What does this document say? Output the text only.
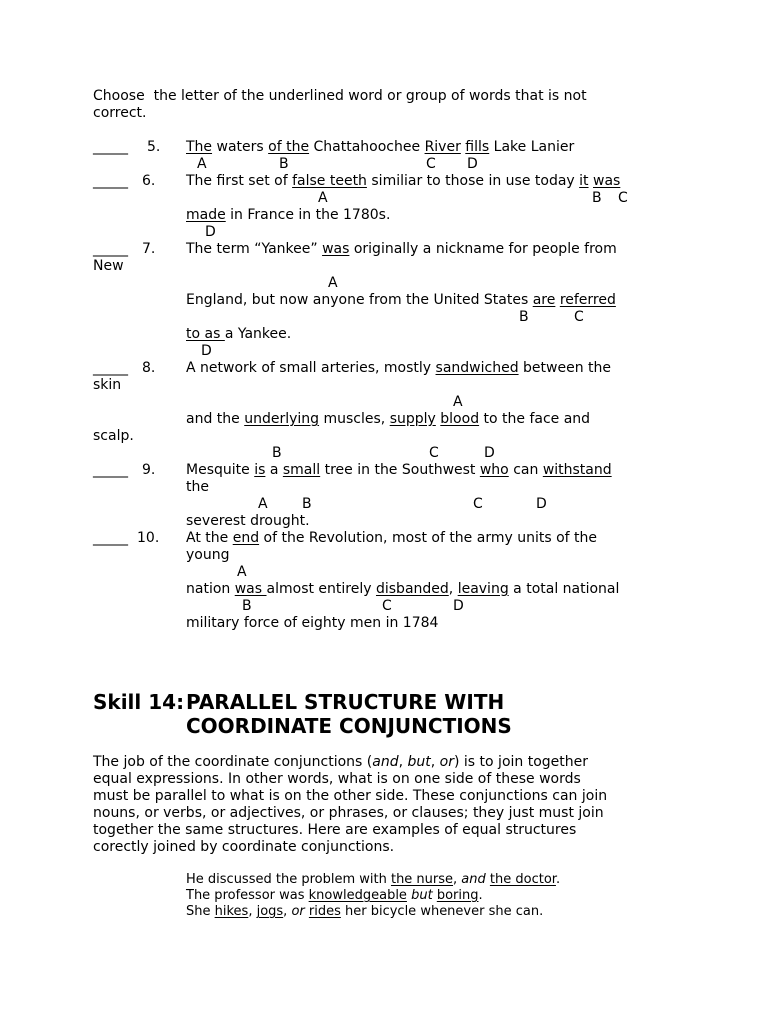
Choose  the letter of the underlined word or group of words that is not
correct.
_____ 5. The waters of the Chattahoochee River fills Lake Lanier
A	B	C D
_____ 6. The first set of false teeth similiar to those in use today it was
A	B C
made in France in the 1780s.
D
_____ 7. The term “Yankee” was originally a nickname for people from
New
A
England, but now anyone from the United States are referred
B	C
to as a Yankee.
D
_____ 8. A network of small arteries, mostly sandwiched between the
skin
A
and the underlying muscles, supply blood to the face and
scalp.
B	C	D
_____ 9. Mesquite is a small tree in the Southwest who can withstand
the
A B	C	D
severest drought.
_____ 10. At the end of the Revolution, most of the army units of the
young
A
nation was almost entirely disbanded, leaving a total national
B	C	D
military force of eighty men in 1784
Skill 14: PARALLEL STRUCTURE WITH
COORDINATE CONJUNCTIONS
The job of the coordinate conjunctions (and, but, or) is to join together
equal expressions. In other words, what is on one side of these words
must be parallel to what is on the other side. These conjunctions can join
nouns, or verbs, or adjectives, or phrases, or clauses; they just must join
together the same structures. Here are examples of equal structures
corectly joined by coordinate conjunctions.
He discussed the problem with the nurse, and the doctor.
The professor was knowledgeable but boring.
She hikes, jogs, or rides her bicycle whenever she can.
